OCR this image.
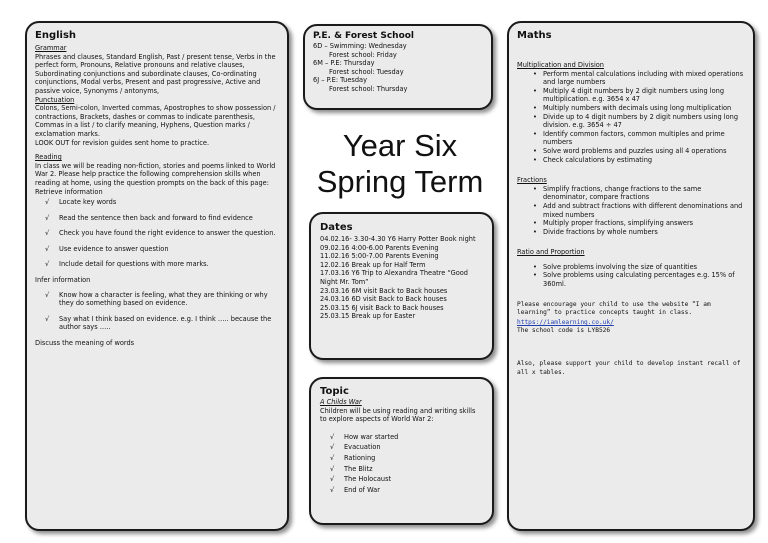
English

Grammar

Phrases and clauses, Standard English, Past / present tense, Verbs in the perfect form, Pronouns, Relative pronouns and relative clauses, Subordinating conjunctions and subordinate clauses, Co-ordinating conjunctions, Modal verbs, Present and past progressive, Active and passive voice, Synonyms / antonyms,

Punctuation

Colons, Semi-colon, Inverted commas, Apostrophes to show possession / contractions, Brackets, dashes or commas to indicate parenthesis, Commas in a list / to clarify meaning, Hyphens, Question marks / exclamation marks.

LOOK OUT for revision guides sent home to practice.

Reading

In class we will be reading non-fiction, stories and poems linked to World War 2. Please help practice the following comprehension skills when reading at home, using the question prompts on the back of this page:

Retrieve information

√ Locate key words
√ Read the sentence then back and forward to find evidence
√ Check you have found the right evidence to answer the question.
√ Use evidence to answer question
√ Include detail for questions with more marks.

Infer information

√ Know how a character is feeling, what they are thinking or why they do something based on evidence.
√ Say what I think based on evidence. e.g. I think ….. because the author says …..

Discuss the meaning of words

P.E. & Forest School

6D – Swimming: Wednesday

Forest school: Friday

6M – P.E: Thursday

Forest school: Tuesday

6J – P.E: Tuesday

Forest school: Thursday

Year Six
Spring Term

Dates

04.02.16- 3.30-4.30 Y6 Harry Potter Book night

09.02.16 4:00-6.00 Parents Evening

11.02.16 5:00-7.00 Parents Evening

12.02.16 Break up for Half Term

17.03.16 Y6 Trip to Alexandra Theatre “Good Night Mr. Tom”

23.03.16 6M visit Back to Back houses

24.03.16 6D visit Back to Back houses

25.03.15 6J visit Back to Back houses

25.03.15 Break up for Easter

Topic

A Childs War

Children will be using reading and writing skills to explore aspects of World War 2:

√ How war started
√ Evacuation
√ Rationing
√ The Blitz
√ The Holocaust
√ End of War

Maths

Multiplication and Division

• Perform mental calculations including with mixed operations and large numbers
• Multiply 4 digit numbers by 2 digit numbers using long multiplication. e.g. 3654 x 47
• Multiply numbers with decimals using long multiplication
• Divide up to 4 digit numbers by 2 digit numbers using long division. e.g. 3654 ÷ 47
• Identify common factors, common multiples and prime numbers
• Solve word problems and puzzles using all 4 operations
• Check calculations by estimating

Fractions

• Simplify fractions, change fractions to the same denominator, compare fractions
• Add and subtract fractions with different denominations and mixed numbers
• Multiply proper fractions, simplifying answers
• Divide fractions by whole numbers

Ratio and Proportion

• Solve problems involving the size of quantities
• Solve problems using calculating percentages e.g. 15% of 360ml.

Please encourage your child to use the website “I am learning” to practice concepts taught in class.

https://iamlearning.co.uk/

The school code is LYB526

Also, please support your child to develop instant recall of all x tables.
